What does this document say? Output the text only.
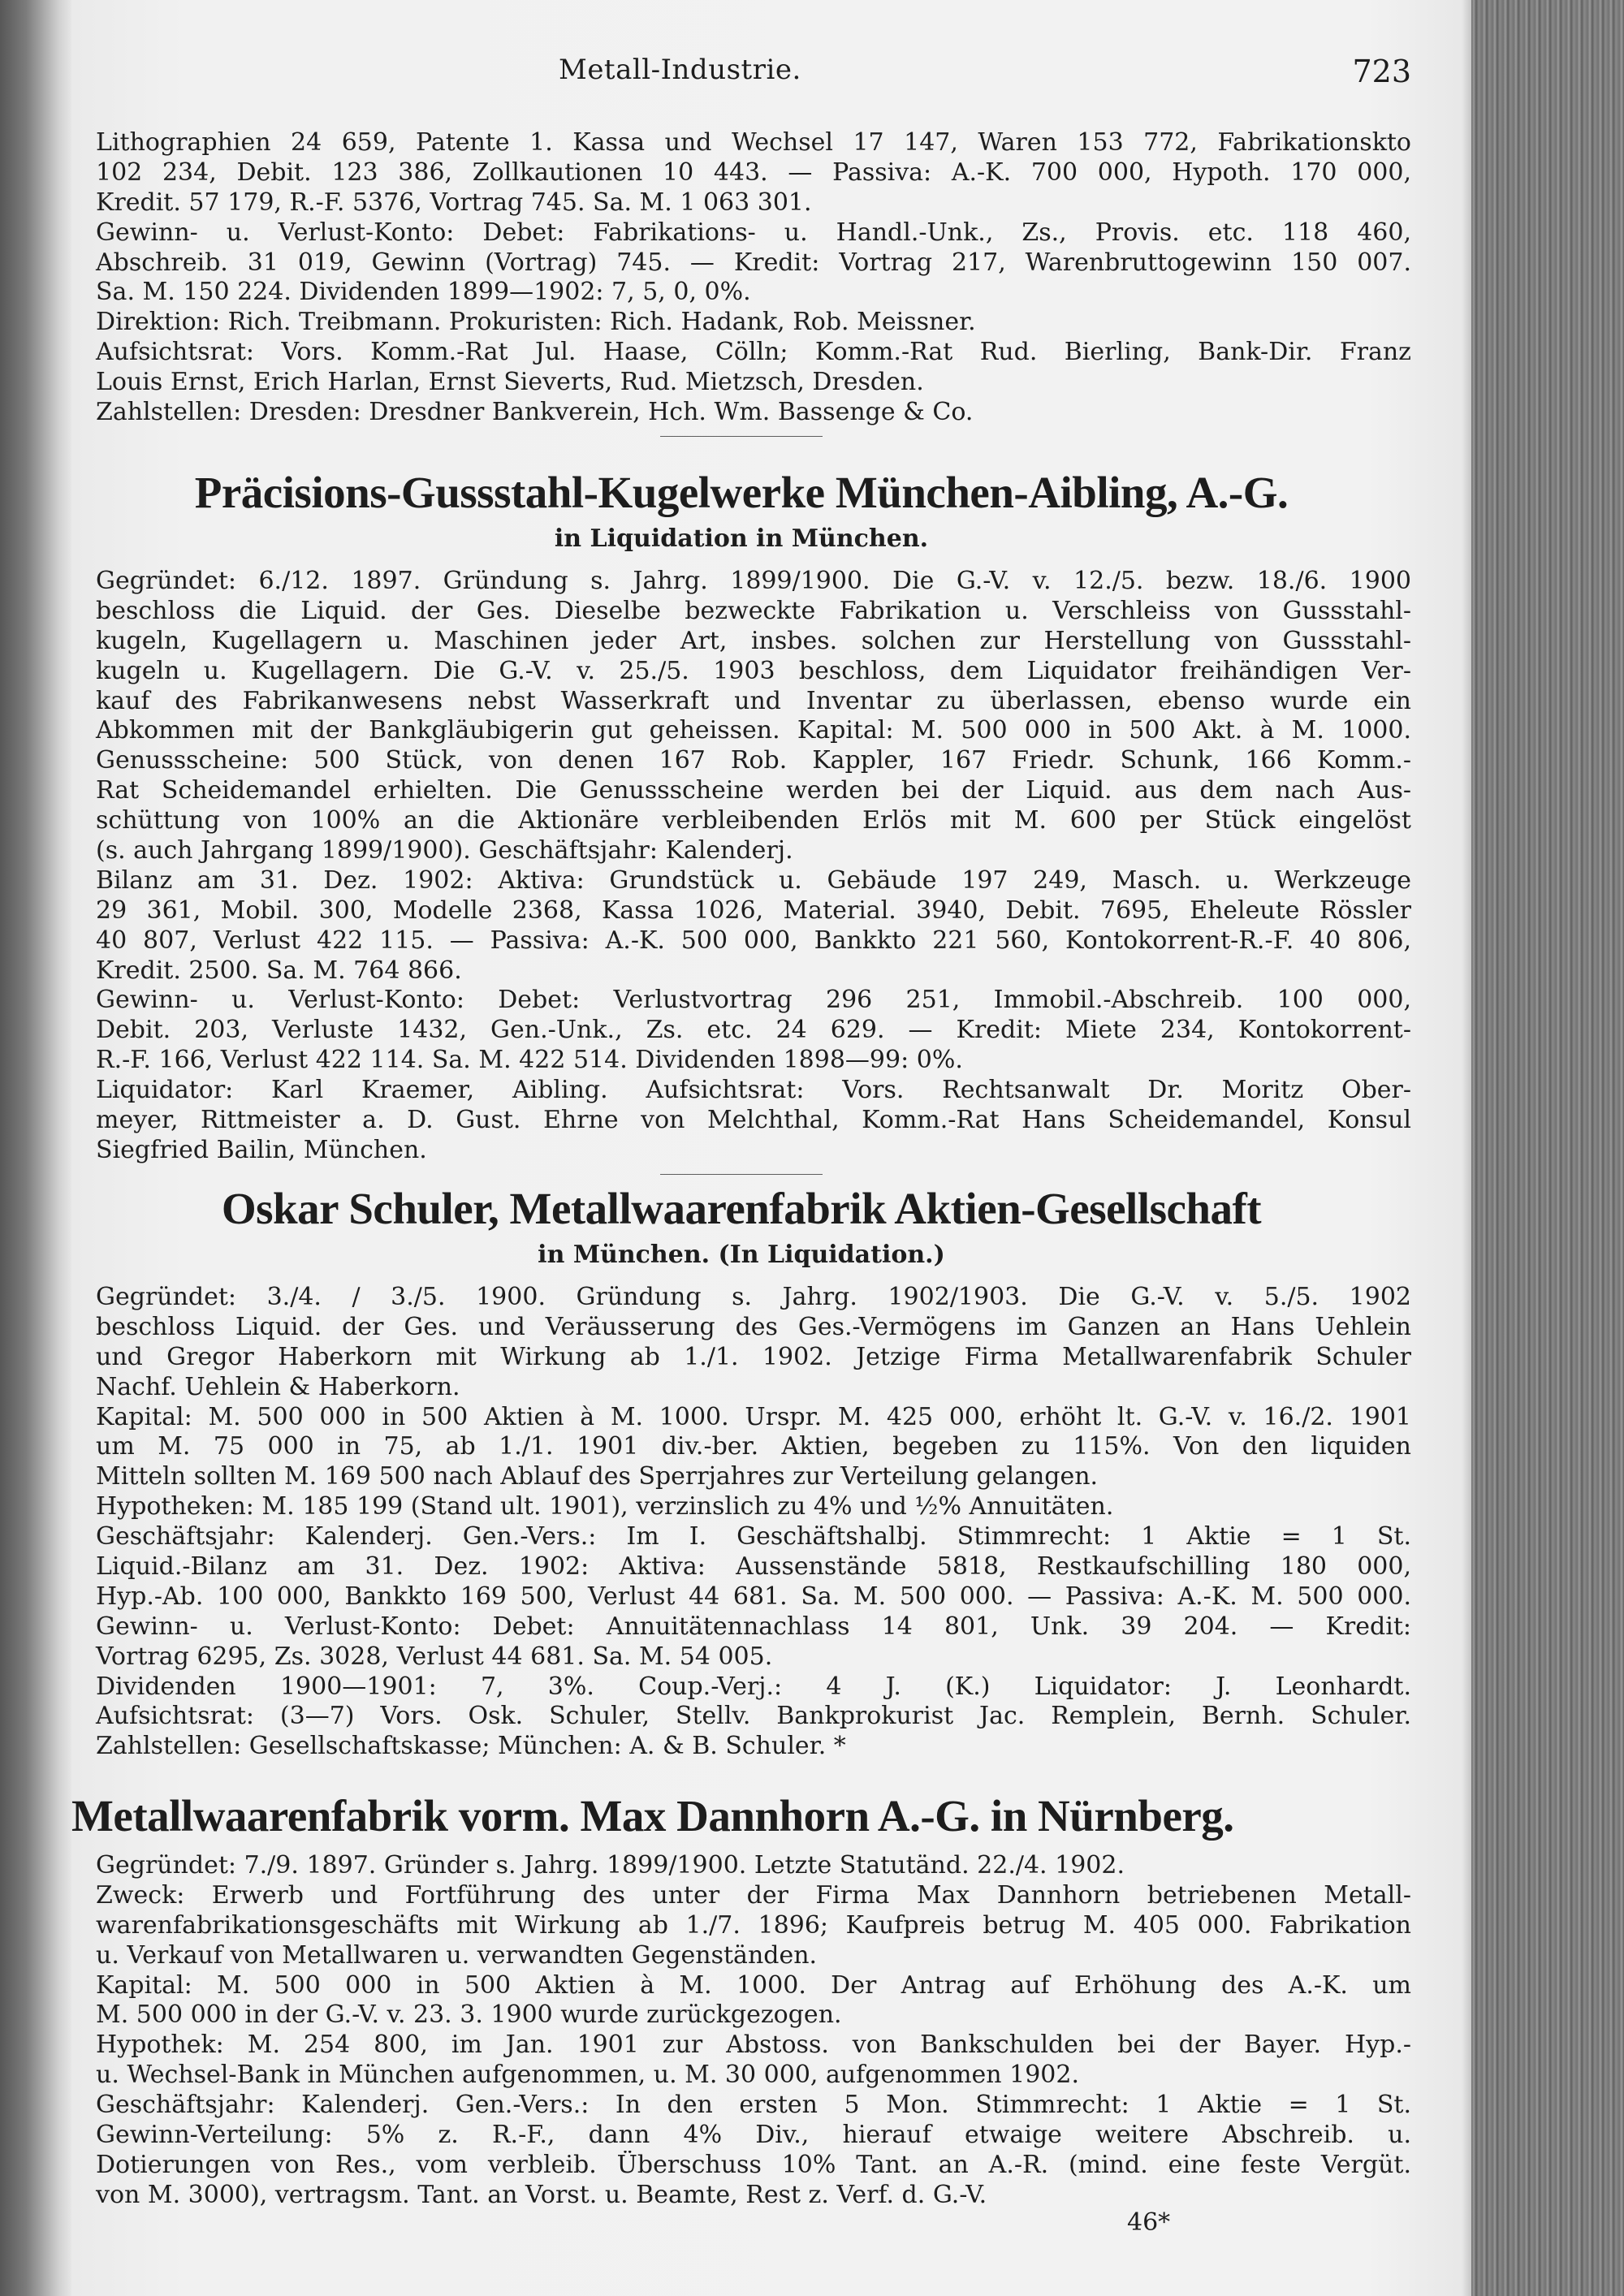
Metall-Industrie.	723
Lithographien 24 659, Patente 1. Kassa und Wechsel 17 147, Waren 153 772, Fabrikationskto
102 234, Debit. 123 386, Zollkautionen 10 443. — Passiva: A.-K. 700 000, Hypoth. 170 000,
Kredit. 57 179, R.-F. 5376, Vortrag 745. Sa. M. 1 063 301.
Gewinn- u. Verlust-Konto: Debet: Fabrikations- u. Handl.-Unk., Zs., Provis. etc. 118 460,
Abschreib. 31 019, Gewinn (Vortrag) 745. — Kredit: Vortrag 217, Warenbruttogewinn 150 007.
Sa. M. 150 224. Dividenden 1899—1902: 7, 5, 0, 0%.
Direktion: Rich. Treibmann. Prokuristen: Rich. Hadank, Rob. Meissner.
Aufsichtsrat: Vors. Komm.-Rat Jul. Haase, Cölln; Komm.-Rat Rud. Bierling, Bank-Dir. Franz
Louis Ernst, Erich Harlan, Ernst Sieverts, Rud. Mietzsch, Dresden.
Zahlstellen: Dresden: Dresdner Bankverein, Hch. Wm. Bassenge & Co.
Präcisions-Gussstahl-Kugelwerke München-Aibling, A.-G.
in Liquidation in München.
Gegründet: 6./12. 1897. Gründung s. Jahrg. 1899/1900. Die G.-V. v. 12./5. bezw. 18./6. 1900
beschloss die Liquid. der Ges. Dieselbe bezweckte Fabrikation u. Verschleiss von Gussstahl-
kugeln, Kugellagern u. Maschinen jeder Art, insbes. solchen zur Herstellung von Gussstahl-
kugeln u. Kugellagern. Die G.-V. v. 25./5. 1903 beschloss, dem Liquidator freihändigen Ver-
kauf des Fabrikanwesens nebst Wasserkraft und Inventar zu überlassen, ebenso wurde ein
Abkommen mit der Bankgläubigerin gut geheissen. Kapital: M. 500 000 in 500 Akt. à M. 1000.
Genussscheine: 500 Stück, von denen 167 Rob. Kappler, 167 Friedr. Schunk, 166 Komm.-
Rat Scheidemandel erhielten. Die Genussscheine werden bei der Liquid. aus dem nach Aus-
schüttung von 100% an die Aktionäre verbleibenden Erlös mit M. 600 per Stück eingelöst
(s. auch Jahrgang 1899/1900). Geschäftsjahr: Kalenderj.
Bilanz am 31. Dez. 1902: Aktiva: Grundstück u. Gebäude 197 249, Masch. u. Werkzeuge
29 361, Mobil. 300, Modelle 2368, Kassa 1026, Material. 3940, Debit. 7695, Eheleute Rössler
40 807, Verlust 422 115. — Passiva: A.-K. 500 000, Bankkto 221 560, Kontokorrent-R.-F. 40 806,
Kredit. 2500. Sa. M. 764 866.
Gewinn- u. Verlust-Konto: Debet: Verlustvortrag 296 251, Immobil.-Abschreib. 100 000,
Debit. 203, Verluste 1432, Gen.-Unk., Zs. etc. 24 629. — Kredit: Miete 234, Kontokorrent-
R.-F. 166, Verlust 422 114. Sa. M. 422 514. Dividenden 1898—99: 0%.
Liquidator: Karl Kraemer, Aibling. Aufsichtsrat: Vors. Rechtsanwalt Dr. Moritz Ober-
meyer, Rittmeister a. D. Gust. Ehrne von Melchthal, Komm.-Rat Hans Scheidemandel, Konsul
Siegfried Bailin, München.
Oskar Schuler, Metallwaarenfabrik Aktien-Gesellschaft
in München. (In Liquidation.)
Gegründet: 3./4. / 3./5. 1900. Gründung s. Jahrg. 1902/1903. Die G.-V. v. 5./5. 1902
beschloss Liquid. der Ges. und Veräusserung des Ges.-Vermögens im Ganzen an Hans Uehlein
und Gregor Haberkorn mit Wirkung ab 1./1. 1902. Jetzige Firma Metallwarenfabrik Schuler
Nachf. Uehlein & Haberkorn.
Kapital: M. 500 000 in 500 Aktien à M. 1000. Urspr. M. 425 000, erhöht lt. G.-V. v. 16./2. 1901
um M. 75 000 in 75, ab 1./1. 1901 div.-ber. Aktien, begeben zu 115%. Von den liquiden
Mitteln sollten M. 169 500 nach Ablauf des Sperrjahres zur Verteilung gelangen.
Hypotheken: M. 185 199 (Stand ult. 1901), verzinslich zu 4% und ½% Annuitäten.
Geschäftsjahr: Kalenderj. Gen.-Vers.: Im I. Geschäftshalbj. Stimmrecht: 1 Aktie = 1 St.
Liquid.-Bilanz am 31. Dez. 1902: Aktiva: Aussenstände 5818, Restkaufschilling 180 000,
Hyp.-Ab. 100 000, Bankkto 169 500, Verlust 44 681. Sa. M. 500 000. — Passiva: A.-K. M. 500 000.
Gewinn- u. Verlust-Konto: Debet: Annuitätennachlass 14 801, Unk. 39 204. — Kredit:
Vortrag 6295, Zs. 3028, Verlust 44 681. Sa. M. 54 005.
Dividenden 1900—1901: 7, 3%. Coup.-Verj.: 4 J. (K.) Liquidator: J. Leonhardt.
Aufsichtsrat: (3—7) Vors. Osk. Schuler, Stellv. Bankprokurist Jac. Remplein, Bernh. Schuler.
Zahlstellen: Gesellschaftskasse; München: A. & B. Schuler. *
Metallwaarenfabrik vorm. Max Dannhorn A.-G. in Nürnberg.
Gegründet: 7./9. 1897. Gründer s. Jahrg. 1899/1900. Letzte Statutänd. 22./4. 1902.
Zweck: Erwerb und Fortführung des unter der Firma Max Dannhorn betriebenen Metall-
warenfabrikationsgeschäfts mit Wirkung ab 1./7. 1896; Kaufpreis betrug M. 405 000. Fabrikation
u. Verkauf von Metallwaren u. verwandten Gegenständen.
Kapital: M. 500 000 in 500 Aktien à M. 1000. Der Antrag auf Erhöhung des A.-K. um
M. 500 000 in der G.-V. v. 23. 3. 1900 wurde zurückgezogen.
Hypothek: M. 254 800, im Jan. 1901 zur Abstoss. von Bankschulden bei der Bayer. Hyp.-
u. Wechsel-Bank in München aufgenommen, u. M. 30 000, aufgenommen 1902.
Geschäftsjahr: Kalenderj. Gen.-Vers.: In den ersten 5 Mon. Stimmrecht: 1 Aktie = 1 St.
Gewinn-Verteilung: 5% z. R.-F., dann 4% Div., hierauf etwaige weitere Abschreib. u.
Dotierungen von Res., vom verbleib. Überschuss 10% Tant. an A.-R. (mind. eine feste Vergüt.
von M. 3000), vertragsm. Tant. an Vorst. u. Beamte, Rest z. Verf. d. G.-V.
46*
